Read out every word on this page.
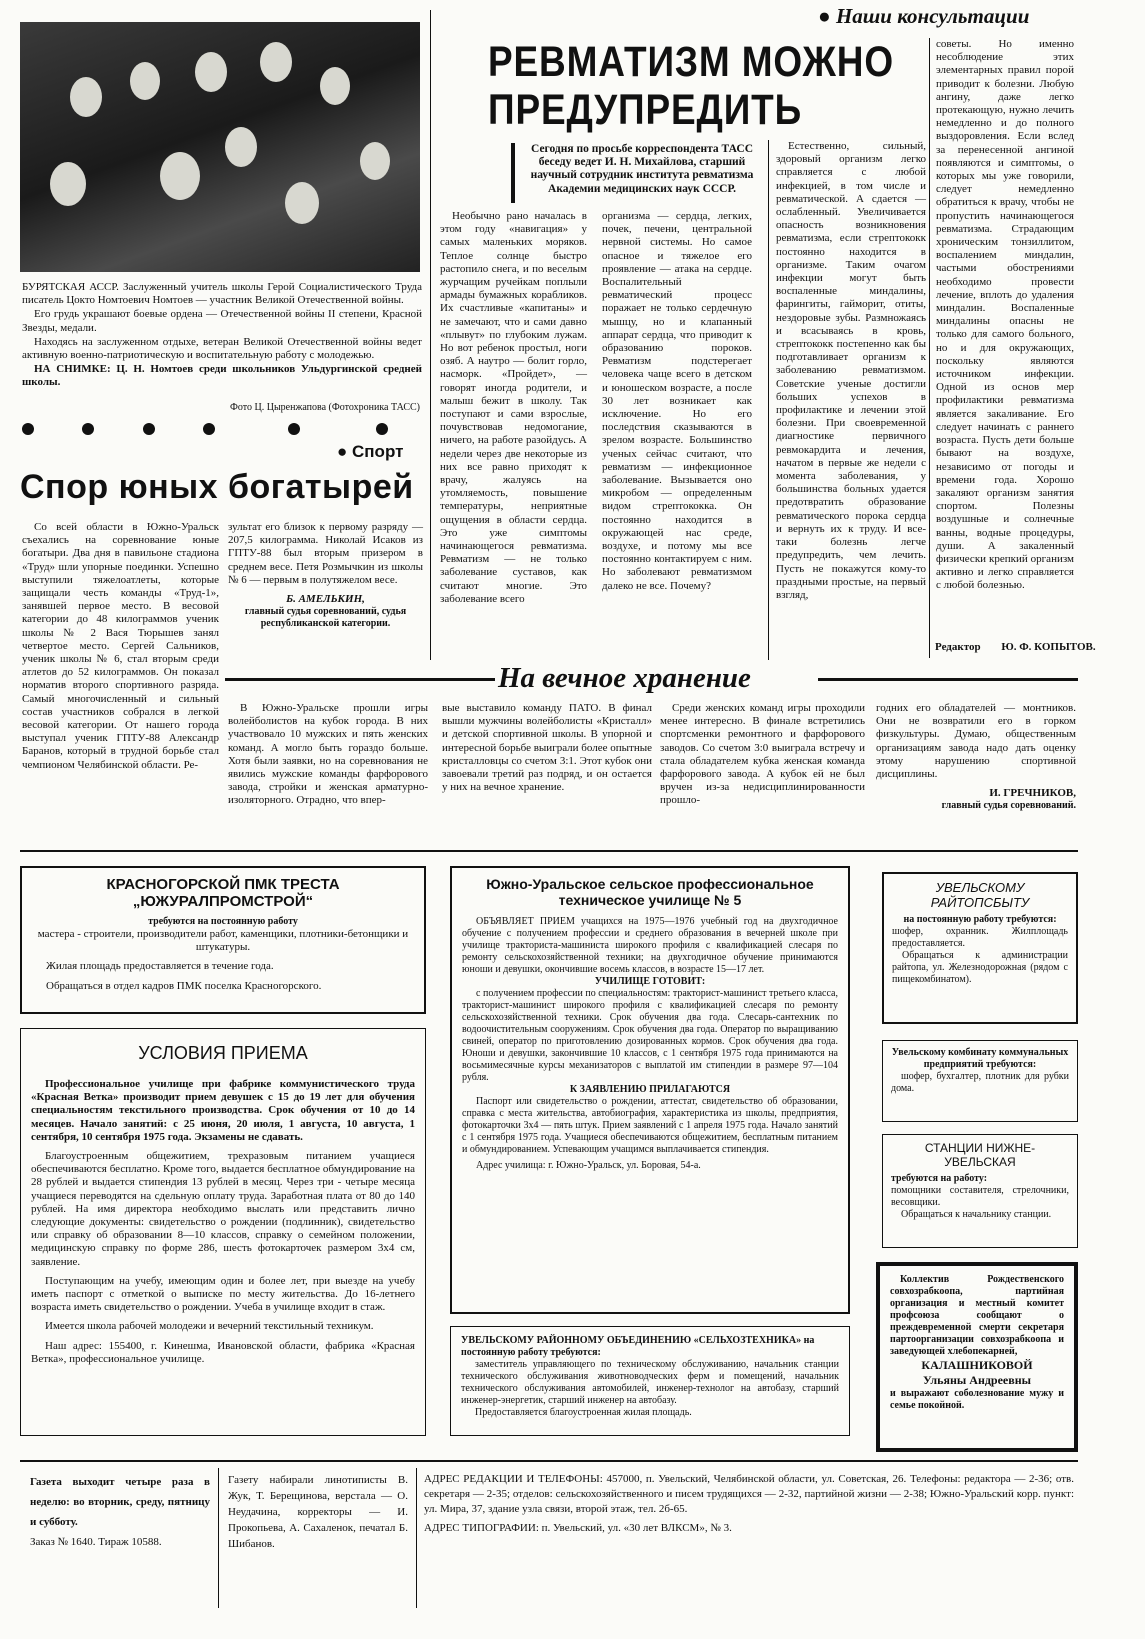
БУРЯТСКАЯ АССР. Заслуженный учитель школы Герой Социалистического Труда писатель Цокто Номтоевич Номтоев — участник Великой Отечественной войны.

Его грудь украшают боевые ордена — Отечественной войны II степени, Красной Звезды, медали.

Находясь на заслуженном отдыхе, ветеран Великой Отечественной войны ведет активную военно-патриотическую и воспитательную работу с молодежью.

НА СНИМКЕ: Ц. Н. Номтоев среди школьников Ульдургинской средней школы.

Фото Ц. Цыренжапова (Фотохроника ТАСС)
● Спорт
Спор юных богатырей

Со всей области в Южно-Уральск съехались на соревнование юные богатыри. Два дня в павильоне стадиона «Труд» шли упорные поединки. Успешно выступили тяжелоатлеты, которые защищали честь команды «Труд-1», занявшей первое место. В весовой категории до 48 килограммов ученик школы № 2 Вася Тюрышев занял четвертое место. Сергей Сальников, ученик школы № 6, стал вторым среди атлетов до 52 килограммов. Он показал норматив второго спортивного разряда. Самый многочисленный и сильный состав участников собрался в легкой весовой категории. От нашего города выступал ученик ГПТУ-88 Александр Баранов, который в трудной борьбе стал чемпионом Челябинской области. Ре-

зультат его близок к первому разряду — 207,5 килограмма. Николай Исаков из ГПТУ-88 был вторым призером в среднем весе. Петя Розмычкин из школы № 6 — первым в полутяжелом весе.

Б. АМЕЛЬКИН,
главный судья соревнований, судья республиканской категории.
● Наши консультации
РЕВМАТИЗМ МОЖНО
ПРЕДУПРЕДИТЬ
Сегодня по просьбе корреспондента ТАСС беседу ведет И. Н. Михайлова, старший научный сотрудник института ревматизма Академии медицинских наук СССР.

Необычно рано началась в этом году «навигация» у самых маленьких моряков. Теплое солнце быстро растопило снега, и по веселым журчащим ручейкам поплыли армады бумажных корабликов. Их счастливые «капитаны» и не замечают, что и сами давно «плывут» по глубоким лужам. Но вот ребенок простыл, ноги озяб. А наутро — болит горло, насморк. «Пройдет», — говорят иногда родители, и малыш бежит в школу. Так поступают и сами взрослые, почувствовав недомогание, ничего, на работе разойдусь. А недели через две некоторые из них все равно приходят к врачу, жалуясь на утомляемость, повышение температуры, неприятные ощущения в области сердца. Это уже симптомы начинающегося ревматизма. Ревматизм — не только заболевание суставов, как считают многие. Это заболевание всего

организма — сердца, легких, почек, печени, центральной нервной системы. Но самое опасное и тяжелое его проявление — атака на сердце. Воспалительный ревматический процесс поражает не только сердечную мышцу, но и клапанный аппарат сердца, что приводит к образованию пороков. Ревматизм подстерегает человека чаще всего в детском и юношеском возрасте, а после 30 лет возникает как исключение. Но его последствия сказываются в зрелом возрасте. Большинство ученых сейчас считают, что ревматизм — инфекционное заболевание. Вызывается оно микробом — определенным видом стрептококка. Он постоянно находится в окружающей нас среде, воздухе, и потому мы все постоянно контактируем с ним. Но заболевают ревматизмом далеко не все. Почему?

Естественно, сильный, здоровый организм легко справляется с любой инфекцией, в том числе и ревматической. А сдается — ослабленный. Увеличивается опасность возникновения ревматизма, если стрептококк постоянно находится в организме. Таким очагом инфекции могут быть воспаленные миндалины, фарингиты, гайморит, отиты, нездоровые зубы. Размножаясь и всасываясь в кровь, стрептококк постепенно как бы подготавливает организм к заболеванию ревматизмом. Советские ученые достигли больших успехов в профилактике и лечении этой болезни. При своевременной диагностике первичного ревмокардита и лечения, начатом в первые же недели с момента заболевания, у большинства больных удается предотвратить образование ревматического порока сердца и вернуть их к труду. И все-таки болезнь легче предупредить, чем лечить. Пусть не покажутся кому-то праздными простые, на первый взгляд,

советы. Но именно несоблюдение этих элементарных правил порой приводит к болезни. Любую ангину, даже легко протекающую, нужно лечить немедленно и до полного выздоровления. Если вслед за перенесенной ангиной появляются и симптомы, о которых мы уже говорили, следует немедленно обратиться к врачу, чтобы не пропустить начинающегося ревматизма. Страдающим хроническим тонзиллитом, воспалением миндалин, частыми обострениями необходимо провести лечение, вплоть до удаления миндалин. Воспаленные миндалины опасны не только для самого больного, но и для окружающих, поскольку являются источником инфекции. Одной из основ мер профилактики ревматизма является закаливание. Его следует начинать с раннего возраста. Пусть дети больше бывают на воздухе, независимо от погоды и времени года. Хорошо закаляют организм занятия спортом. Полезны воздушные и солнечные ванны, водные процедуры, души. А закаленный физически крепкий организм активно и легко справляется с любой болезнью.

Редактор Ю. Ф. КОПЫТОВ.
На вечное хранение

В Южно-Уральске прошли игры волейболистов на кубок города. В них участвовало 10 мужских и пять женских команд. А могло быть гораздо больше. Хотя были заявки, но на соревнования не явились мужские команды фарфорового завода, стройки и женская арматурно-изоляторного. Отрадно, что впер-

вые выставило команду ПАТО. В финал вышли мужчины волейболисты «Кристалл» и детской спортивной школы. В упорной и интересной борьбе выиграли более опытные кристалловцы со счетом 3:1. Этот кубок они завоевали третий раз подряд, и он остается у них на вечное хранение.

Среди женских команд игры проходили менее интересно. В финале встретились спортсменки ремонтного и фарфорового заводов. Со счетом 3:0 выиграла встречу и стала обладателем кубка женская команда фарфорового завода. А кубок ей не был вручен из-за недисциплинированности прошло-

годних его обладателей — монтников. Они не возвратили его в горком физкультуры. Думаю, общественным организациям завода надо дать оценку этому нарушению спортивной дисциплины.

И. ГРЕЧНИКОВ,
главный судья соревнований.
КРАСНОГОРСКОЙ ПМК ТРЕСТА
„ЮЖУРАЛПРОМСТРОЙ“
требуются на постоянную работу
мастера - строители, производители работ, каменщики, плотники-бетонщики и штукатуры.
Жилая площадь предоставляется в течение года.
Обращаться в отдел кадров ПМК поселка Красногорского.
УСЛОВИЯ ПРИЕМА
Профессиональное училище при фабрике коммунистического труда «Красная Ветка» производит прием девушек с 15 до 19 лет для обучения специальностям текстильного производства. Срок обучения от 10 до 14 месяцев. Начало занятий: с 25 июня, 20 июля, 1 августа, 10 августа, 1 сентября, 10 сентября 1975 года. Экзамены не сдавать.
Благоустроенным общежитием, трехразовым питанием учащиеся обеспечиваются бесплатно. Кроме того, выдается бесплатное обмундирование на 28 рублей и выдается стипендия 13 рублей в месяц. Через три - четыре месяца учащиеся переводятся на сдельную оплату труда. Заработная плата от 80 до 140 рублей. На имя директора необходимо выслать или представить лично следующие документы: свидетельство о рождении (подлинник), свидетельство или справку об образовании 8—10 классов, справку о семейном положении, медицинскую справку по форме 286, шесть фотокарточек размером 3х4 см, заявление.
Поступающим на учебу, имеющим один и более лет, при выезде на учебу иметь паспорт с отметкой о выписке по месту жительства. До 16-летнего возраста иметь свидетельство о рождении. Учеба в училище входит в стаж.
Имеется школа рабочей молодежи и вечерний текстильный техникум.
Наш адрес: 155400, г. Кинешма, Ивановской области, фабрика «Красная Ветка», профессиональное училище.
Южно-Уральское сельское профессиональное
техническое училище № 5
ОБЪЯВЛЯЕТ ПРИЕМ учащихся на 1975—1976 учебный год на двухгодичное обучение с получением профессии и среднего образования в вечерней школе при училище тракториста-машиниста широкого профиля с квалификацией слесаря по ремонту сельскохозяйственной техники; на двухгодичное обучение принимаются юноши и девушки, окончившие восемь классов, в возрасте 15—17 лет.
УЧИЛИЩЕ ГОТОВИТ:
с получением профессии по специальностям: тракторист-машинист третьего класса, тракторист-машинист широкого профиля с квалификацией слесаря по ремонту сельскохозяйственной техники. Срок обучения два года. Слесарь-сантехник по водоочистительным сооружениям. Срок обучения два года. Оператор по выращиванию свиней, оператор по приготовлению дозированных кормов. Срок обучения два года. Юноши и девушки, закончившие 10 классов, с 1 сентября 1975 года принимаются на восьмимесячные курсы механизаторов с выплатой им стипендии в размере 97—104 рубля.
К ЗАЯВЛЕНИЮ ПРИЛАГАЮТСЯ
Паспорт или свидетельство о рождении, аттестат, свидетельство об образовании, справка с места жительства, автобиография, характеристика из школы, предприятия, фотокарточки 3х4 — пять штук. Прием заявлений с 1 апреля 1975 года. Начало занятий с 1 сентября 1975 года. Учащиеся обеспечиваются общежитием, бесплатным питанием и обмундированием. Успевающим учащимся выплачивается стипендия.
Адрес училища: г. Южно-Уральск, ул. Боровая, 54-а.
УВЕЛЬСКОМУ РАЙОННОМУ ОБЪЕДИНЕНИЮ «СЕЛЬХОЗТЕХНИКА» на постоянную работу требуются:
заместитель управляющего по техническому обслуживанию, начальник станции технического обслуживания животноводческих ферм и помещений, начальник технического обслуживания автомобилей, инженер-технолог на автобазу, старший инженер-энергетик, старший инженер на автобазу.
Предоставляется благоустроенная жилая площадь.
УВЕЛЬСКОМУ РАЙТОПСБЫТУ
на постоянную работу требуются:
шофер, охранник. Жилплощадь предоставляется.
Обращаться к администрации райтопа, ул. Железнодорожная (рядом с пищекомбинатом).
Увельскому комбинату коммунальных предприятий требуются:
шофер, бухгалтер, плотник для рубки дома.
СТАНЦИИ НИЖНЕ-УВЕЛЬСКАЯ
требуются на работу:
помощники составителя, стрелочники, весовщики.
Обращаться к начальнику станции.
Коллектив Рождественского совхозрабкоопа, партийная организация и местный комитет профсоюза сообщают о преждевременной смерти секретаря партоорганизации совхозрабкоопа и заведующей хлебопекарней,
КАЛАШНИКОВОЙ
Ульяны Андреевны
и выражают соболезнование мужу и семье покойной.
Газета выходит четыре раза в неделю: во вторник, среду, пятницу и субботу.
Заказ № 1640. Тираж 10588.
Газету набирали линотиписты В. Жук, Т. Берещинова, верстала — О. Неудачина, корректоры — И. Прокопьева, А. Сахаленок, печатал Б. Шибанов.
АДРЕС РЕДАКЦИИ И ТЕЛЕФОНЫ: 457000, п. Увельский, Челябинской области, ул. Советская, 26. Телефоны: редактора — 2-36; отв. секретаря — 2-35; отделов: сельскохозяйственного и писем трудящихся — 2-32, партийной жизни — 2-38; Южно-Уральский корр. пункт: ул. Мира, 37, здание узла связи, второй этаж, тел. 2б-65.
АДРЕС ТИПОГРАФИИ: п. Увельский, ул. «30 лет ВЛКСМ», № 3.
